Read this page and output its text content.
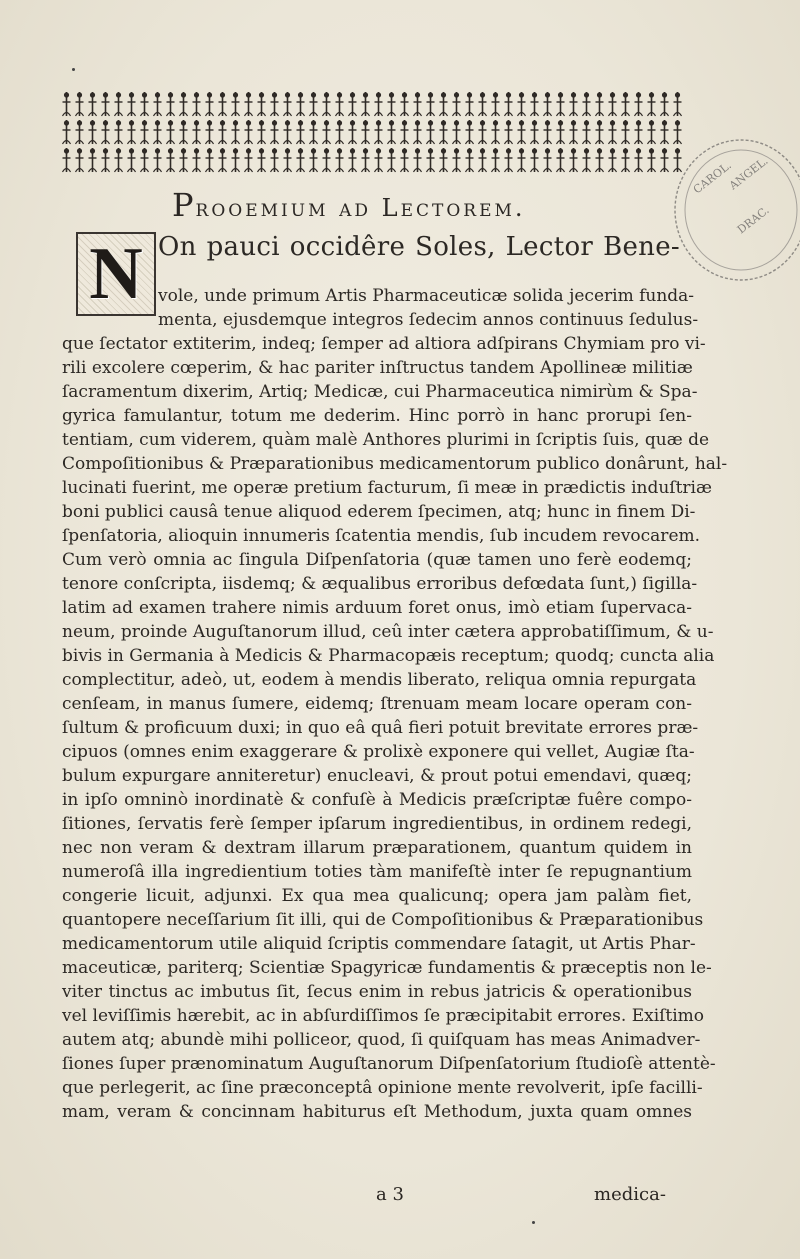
CAROL.
ANGEL.
DRAC.
Prooemium ad Lectorem.
N On pauci occidêre Soles, Lector Bene-
vole, unde primum Artis Pharmaceuticæ solida jecerim funda-
menta, ejusdemque integros ſedecim annos continuus ſedulus-
que ſectator extiterim, indeq; ſemper ad altiora adſpirans Chymiam pro vi-
rili excolere cœperim, & hac pariter inſtructus tandem Apollineæ militiæ
ſacramentum dixerim, Artiq; Medicæ, cui Pharmaceutica nimirùm & Spa-
gyrica famulantur, totum me dederim. Hinc porrò in hanc prorupi ſen-
tentiam, cum viderem, quàm malè Anthores plurimi in ſcriptis ſuis, quæ de
Compoſitionibus & Præparationibus medicamentorum publico donârunt, hal-
lucinati fuerint, me operæ pretium facturum, ſi meæ in prædictis induſtriæ
boni publici causâ tenue aliquod ederem ſpecimen, atq; hunc in finem Di-
ſpenſatoria, alioquin innumeris ſcatentia mendis, ſub incudem revocarem.
Cum verò omnia ac ſingula Diſpenſatoria (quæ tamen uno ferè eodemq;
tenore conſcripta, iisdemq; & æqualibus erroribus defœdata ſunt,) ſigilla-
latim ad examen trahere nimis arduum foret onus, imò etiam ſupervaca-
neum, proinde Auguſtanorum illud, ceû inter cætera approbatiſſimum, & u-
bivis in Germania à Medicis & Pharmacopæis receptum; quodq; cuncta alia
complectitur, adeò, ut, eodem à mendis liberato, reliqua omnia repurgata
cenſeam, in manus ſumere, eidemq; ſtrenuam meam locare operam con-
ſultum & proficuum duxi; in quo eâ quâ fieri potuit brevitate errores præ-
cipuos (omnes enim exaggerare & prolixè exponere qui vellet, Augiæ ſta-
bulum expurgare anniteretur) enucleavi, & prout potui emendavi, quæq;
in ipſo omninò inordinatè & confuſè à Medicis præſcriptæ fuêre compo-
ſitiones, ſervatis ferè ſemper ipſarum ingredientibus, in ordinem redegi,
nec non veram & dextram illarum præparationem, quantum quidem in
numeroſâ illa ingredientium toties tàm manifeſtè inter ſe repugnantium
congerie licuit, adjunxi. Ex qua mea qualicunq; opera jam palàm fiet,
quantopere neceſſarium ſit illi, qui de Compoſitionibus & Præparationibus
medicamentorum utile aliquid ſcriptis commendare ſatagit, ut Artis Phar-
maceuticæ, pariterq; Scientiæ Spagyricæ fundamentis & præceptis non le-
viter tinctus ac imbutus ſit, ſecus enim in rebus jatricis & operationibus
vel leviſſimis hærebit, ac in abſurdiſſimos ſe præcipitabit errores. Exiſtimo
autem atq; abundè mihi polliceor, quod, ſi quiſquam has meas Animadver-
ſiones ſuper prænominatum Auguſtanorum Diſpenſatorium ſtudioſè attentè-
que perlegerit, ac ſine præconceptâ opinione mente revolverit, ipſe facilli-
mam, veram & concinnam habiturus eſt Methodum, juxta quam omnes
a 3	medica-
